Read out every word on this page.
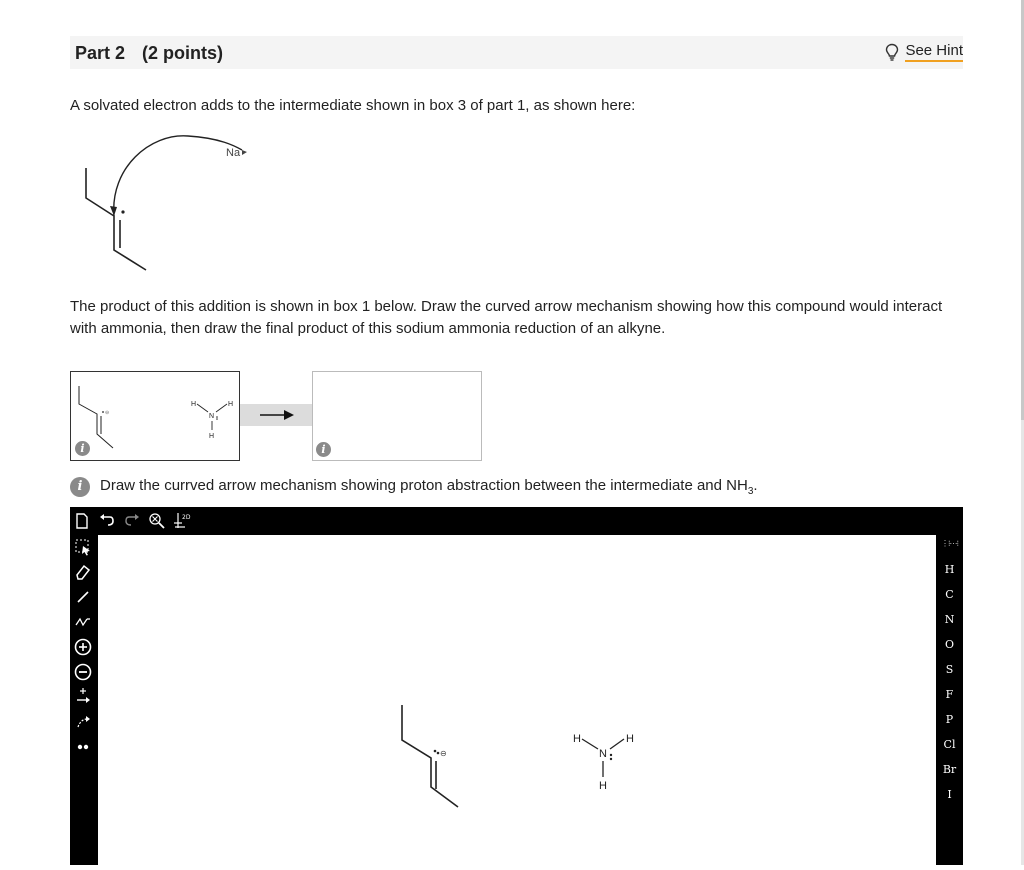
Part 2 (2 points)	See Hint
A solvated electron adds to the intermediate shown in box 3 of part 1, as shown here:
Na
The product of this addition is shown in box 1 below. Draw the curved arrow mechanism showing how this compound would interact with ammonia, then draw the final product of this sodium ammonia reduction of an alkyne.
⊖
H	H
N
H
i	i
i	Draw the currved arrow mechanism showing proton abstraction between the intermediate and $NH_3$.
2D
⊖
H
N
H
H
⋮⁝⋯⁝
H
C
N
O
S
F
P
Cl
Br
I
